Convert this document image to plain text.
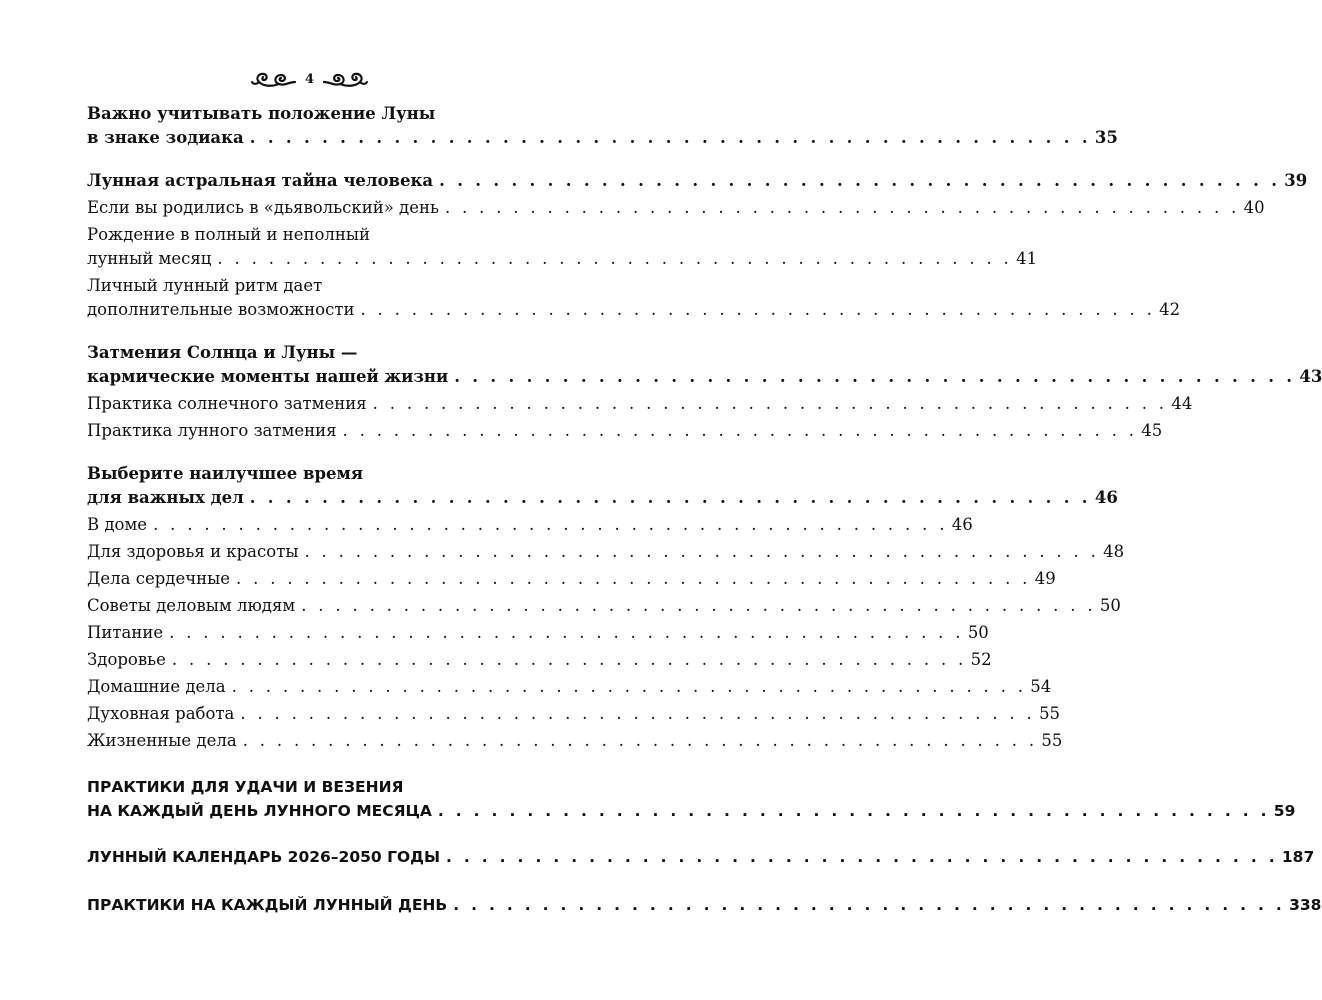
4
Важно учитывать положение Луны
в знаке зодиака . . . . . . . . . . . . . . . . . . . . . . . . . . . . . . . . . . . . . . . . . . . . . . . 35
Лунная астральная тайна человека . . . . . . . . . . . . . . . . . . . . . . . . . . . . . . . . . . . . . . . . . . . . . . . 39
Если вы родились в «дьявольский» день . . . . . . . . . . . . . . . . . . . . . . . . . . . . . . . . . . . . . . . . . . . . . . . 40
Рождение в полный и неполный
лунный месяц . . . . . . . . . . . . . . . . . . . . . . . . . . . . . . . . . . . . . . . . . . . . . . . 41
Личный лунный ритм дает
дополнительные возможности . . . . . . . . . . . . . . . . . . . . . . . . . . . . . . . . . . . . . . . . . . . . . . . 42
Затмения Солнца и Луны —
кармические моменты нашей жизни . . . . . . . . . . . . . . . . . . . . . . . . . . . . . . . . . . . . . . . . . . . . . . . 43
Практика солнечного затмения . . . . . . . . . . . . . . . . . . . . . . . . . . . . . . . . . . . . . . . . . . . . . . . 44
Практика лунного затмения . . . . . . . . . . . . . . . . . . . . . . . . . . . . . . . . . . . . . . . . . . . . . . . 45
Выберите наилучшее время
для важных дел . . . . . . . . . . . . . . . . . . . . . . . . . . . . . . . . . . . . . . . . . . . . . . . 46
В доме . . . . . . . . . . . . . . . . . . . . . . . . . . . . . . . . . . . . . . . . . . . . . . . 46
Для здоровья и красоты . . . . . . . . . . . . . . . . . . . . . . . . . . . . . . . . . . . . . . . . . . . . . . . 48
Дела сердечные . . . . . . . . . . . . . . . . . . . . . . . . . . . . . . . . . . . . . . . . . . . . . . . 49
Советы деловым людям . . . . . . . . . . . . . . . . . . . . . . . . . . . . . . . . . . . . . . . . . . . . . . . 50
Питание . . . . . . . . . . . . . . . . . . . . . . . . . . . . . . . . . . . . . . . . . . . . . . . 50
Здоровье . . . . . . . . . . . . . . . . . . . . . . . . . . . . . . . . . . . . . . . . . . . . . . . 52
Домашние дела . . . . . . . . . . . . . . . . . . . . . . . . . . . . . . . . . . . . . . . . . . . . . . . 54
Духовная работа . . . . . . . . . . . . . . . . . . . . . . . . . . . . . . . . . . . . . . . . . . . . . . . 55
Жизненные дела . . . . . . . . . . . . . . . . . . . . . . . . . . . . . . . . . . . . . . . . . . . . . . . 55
ПРАКТИКИ ДЛЯ УДАЧИ И ВЕЗЕНИЯ
НА КАЖДЫЙ ДЕНЬ ЛУННОГО МЕСЯЦА . . . . . . . . . . . . . . . . . . . . . . . . . . . . . . . . . . . . . . . . . . . . . . . 59
ЛУННЫЙ КАЛЕНДАРЬ 2026–2050 ГОДЫ . . . . . . . . . . . . . . . . . . . . . . . . . . . . . . . . . . . . . . . . . . . . . . . 187
ПРАКТИКИ НА КАЖДЫЙ ЛУННЫЙ ДЕНЬ . . . . . . . . . . . . . . . . . . . . . . . . . . . . . . . . . . . . . . . . . . . . . . . 338
